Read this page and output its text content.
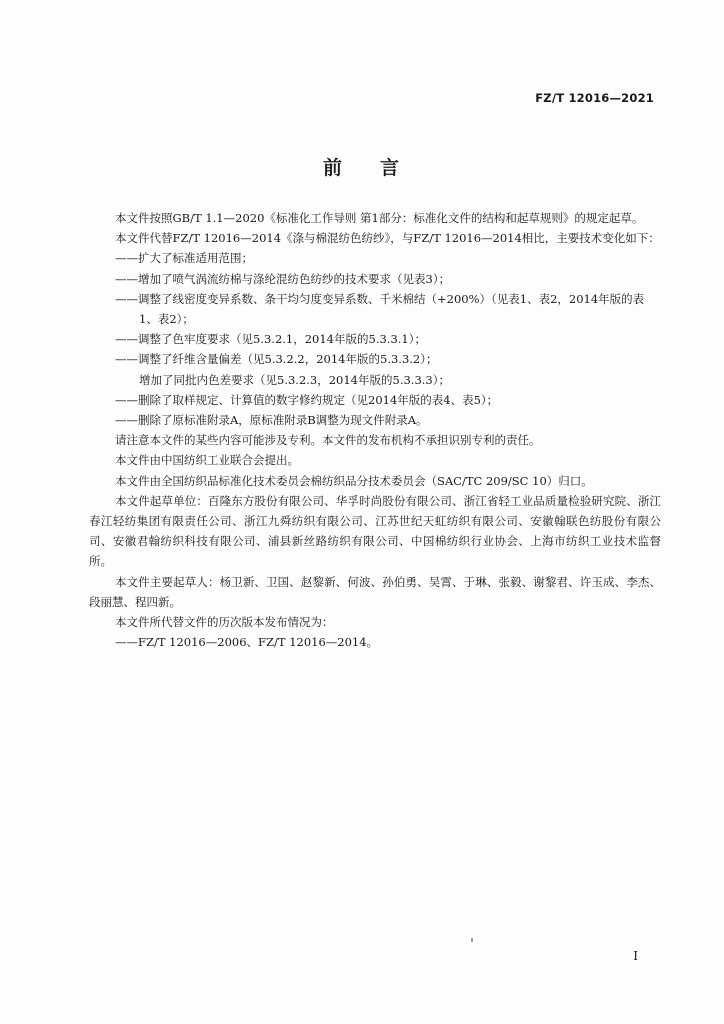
FZ/T 12016—2021
前 言

本文件按照GB/T 1.1—2020《标准化工作导则 第1部分：标准化文件的结构和起草规则》的规定起草。

本文件代替FZ/T 12016—2014《涤与棉混纺色纺纱》，与FZ/T 12016—2014相比，主要技术变化如下：

——扩大了标准适用范围；

——增加了喷气涡流纺棉与涤纶混纺色纺纱的技术要求（见表3）；

——调整了线密度变异系数、条干均匀度变异系数、千米棉结（+200%）（见表1、表2，2014年版的表1、表2）；

——调整了色牢度要求（见5.3.2.1，2014年版的5.3.3.1）；

——调整了纤维含量偏差（见5.3.2.2，2014年版的5.3.3.2）；

增加了同批内色差要求（见5.3.2.3，2014年版的5.3.3.3）；

——删除了取样规定、计算值的数字修约规定（见2014年版的表4、表5）；

——删除了原标准附录A，原标准附录B调整为现文件附录A。

请注意本文件的某些内容可能涉及专利。本文件的发布机构不承担识别专利的责任。

本文件由中国纺织工业联合会提出。

本文件由全国纺织品标准化技术委员会棉纺织品分技术委员会（SAC/TC 209/SC 10）归口。

本文件起草单位：百隆东方股份有限公司、华孚时尚股份有限公司、浙江省轻工业品质量检验研究院、浙江春江轻纺集团有限责任公司、浙江九舜纺织有限公司、江苏世纪天虹纺织有限公司、安徽翰联色纺股份有限公司、安徽君翰纺织科技有限公司、浦县新丝路纺织有限公司、中国棉纺织行业协会、上海市纺织工业技术监督所。

本文件主要起草人：杨卫新、卫国、赵黎新、何波、孙伯勇、吴霄、于琳、张毅、谢黎君、许玉成、李杰、段丽慧、程四新。

本文件所代替文件的历次版本发布情况为：

——FZ/T 12016—2006、FZ/T 12016—2014。

I
